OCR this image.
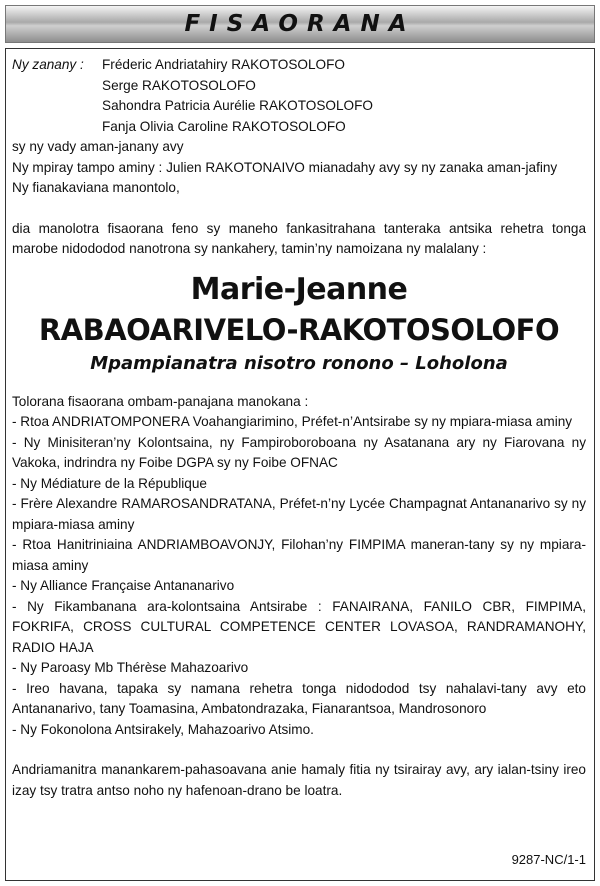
FISAORANA
Ny zanany : Fréderic Andriatahiry RAKOTOSOLOFO
Serge RAKOTOSOLOFO
Sahondra Patricia Aurélie RAKOTOSOLOFO
Fanja Olivia Caroline RAKOTOSOLOFO
sy ny vady aman-janany avy
Ny mpiray tampo aminy : Julien RAKOTONAIVO mianadahy avy sy ny zanaka aman-jafiny
Ny fianakaviana manontolo,
dia manolotra fisaorana feno sy maneho fankasitrahana tanteraka antsika rehetra tonga marobe nidododod nanotrona sy nankahery, tamin’ny namoizana ny malalany :
Marie-Jeanne
RABAOARIVELO-RAKOTOSOLOFO
Mpampianatra nisotro ronono – Loholona
Tolorana fisaorana ombam-panajana manokana :
- Rtoa ANDRIATOMPONERA Voahangiarimino, Préfet-n’Antsirabe sy ny mpiara-miasa aminy
- Ny Minisiteran’ny Kolontsaina, ny Fampiroboroboana ny Asatanana ary ny Fiarovana ny Vakoka, indrindra ny Foibe DGPA sy ny Foibe OFNAC
- Ny Médiature de la République
- Frère Alexandre RAMAROSANDRATANA, Préfet-n’ny Lycée Champagnat Antananarivo sy ny mpiara-miasa aminy
- Rtoa Hanitriniaina ANDRIAMBOAVONJY, Filohan’ny FIMPIMA maneran-tany sy ny mpiara-miasa aminy
- Ny Alliance Française Antananarivo
- Ny Fikambanana ara-kolontsaina Antsirabe : FANAIRANA, FANILO CBR, FIMPIMA, FOKRIFA, CROSS CULTURAL COMPETENCE CENTER LOVASOA, RANDRAMANOHY, RADIO HAJA
- Ny Paroasy Mb Thérèse Mahazoarivo
- Ireo havana, tapaka sy namana rehetra tonga nidododod tsy nahalavi-tany avy eto Antananarivo, tany Toamasina, Ambatondrazaka, Fianarantsoa, Mandrosonoro
- Ny Fokonolona Antsirakely, Mahazoarivo Atsimo.
Andriamanitra manankarem-pahasoavana anie hamaly fitia ny tsirairay avy, ary ialan-tsiny ireo izay tsy tratra antso noho ny hafenoan-drano be loatra.
9287-NC/1-1
